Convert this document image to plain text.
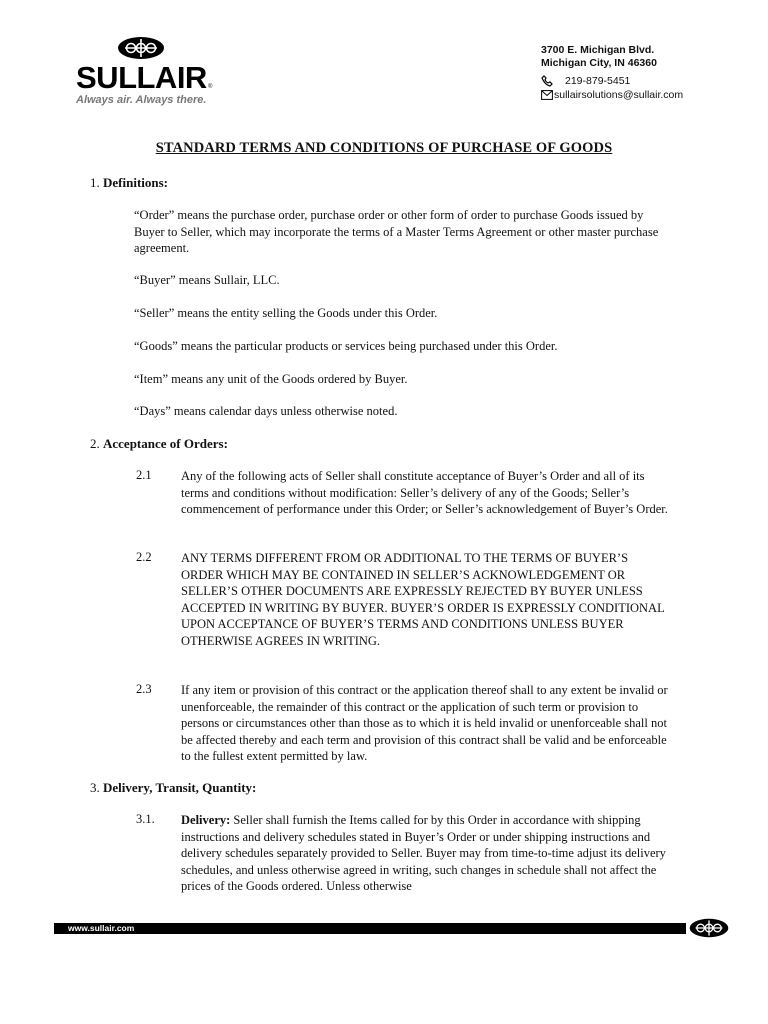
SULLAIR ®
Always air. Always there.
3700 E. Michigan Blvd.
Michigan City, IN 46360
219-879-5451
sullairsolutions@sullair.com
STANDARD TERMS AND CONDITIONS OF PURCHASE OF GOODS
1. Definitions:
“Order” means the purchase order, purchase order or other form of order to purchase Goods issued by Buyer to Seller, which may incorporate the terms of a Master Terms Agreement or other master purchase agreement.
“Buyer” means Sullair, LLC.
“Seller” means the entity selling the Goods under this Order.
“Goods” means the particular products or services being purchased under this Order.
“Item” means any unit of the Goods ordered by Buyer.
“Days” means calendar days unless otherwise noted.
2. Acceptance of Orders:
2.1 Any of the following acts of Seller shall constitute acceptance of Buyer’s Order and all of its terms and conditions without modification: Seller’s delivery of any of the Goods; Seller’s commencement of performance under this Order; or Seller’s acknowledgement of Buyer’s Order.
2.2 ANY TERMS DIFFERENT FROM OR ADDITIONAL TO THE TERMS OF BUYER’S ORDER WHICH MAY BE CONTAINED IN SELLER’S ACKNOWLEDGEMENT OR SELLER’S OTHER DOCUMENTS ARE EXPRESSLY REJECTED BY BUYER UNLESS ACCEPTED IN WRITING BY BUYER. BUYER’S ORDER IS EXPRESSLY CONDITIONAL UPON ACCEPTANCE OF BUYER’S TERMS AND CONDITIONS UNLESS BUYER OTHERWISE AGREES IN WRITING.
2.3 If any item or provision of this contract or the application thereof shall to any extent be invalid or unenforceable, the remainder of this contract or the application of such term or provision to persons or circumstances other than those as to which it is held invalid or unenforceable shall not be affected thereby and each term and provision of this contract shall be valid and be enforceable to the fullest extent permitted by law.
3. Delivery, Transit, Quantity:
3.1. Delivery: Seller shall furnish the Items called for by this Order in accordance with shipping instructions and delivery schedules stated in Buyer’s Order or under shipping instructions and delivery schedules separately provided to Seller. Buyer may from time-to-time adjust its delivery schedules, and unless otherwise agreed in writing, such changes in schedule shall not affect the prices of the Goods ordered. Unless otherwise
www.sullair.com
